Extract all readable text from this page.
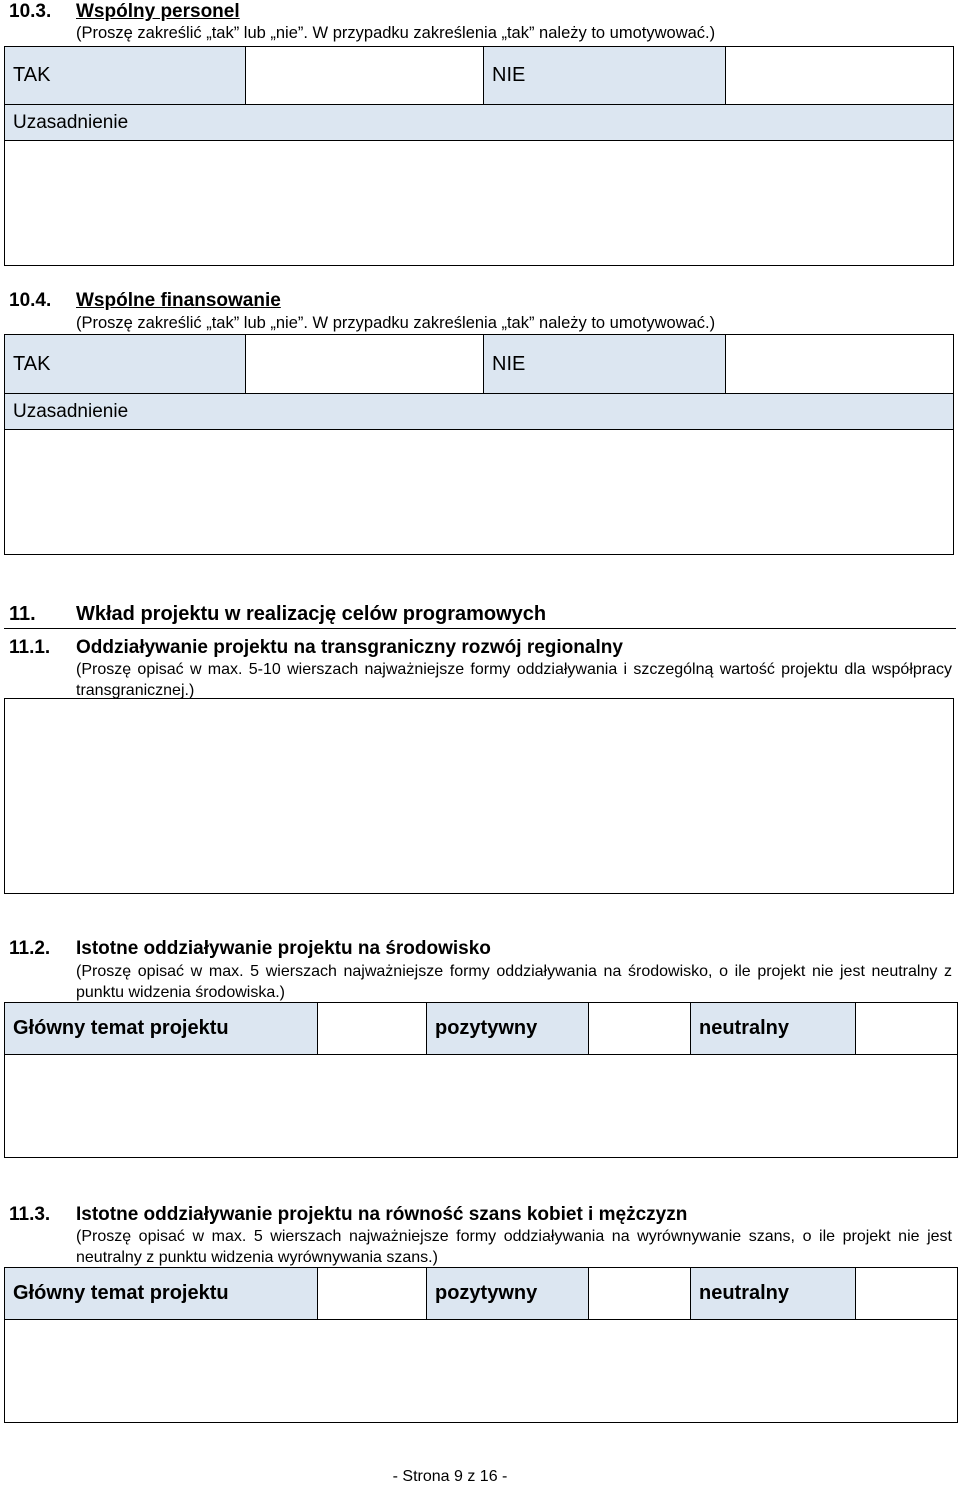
10.3. Wspólny personel
(Proszę zakreślić „tak” lub „nie”. W przypadku zakreślenia „tak” należy to umotywować.)
TAK	NIE
Uzasadnienie
10.4. Wspólne finansowanie
(Proszę zakreślić „tak” lub „nie”. W przypadku zakreślenia „tak” należy to umotywować.)
TAK	NIE
Uzasadnienie
11. Wkład projektu w realizację celów programowych
11.1. Oddziaływanie projektu na transgraniczny rozwój regionalny
(Proszę opisać w max. 5-10 wierszach najważniejsze formy oddziaływania i szczególną wartość projektu dla współpracy transgranicznej.)
11.2. Istotne oddziaływanie projektu na środowisko
(Proszę opisać w max. 5 wierszach najważniejsze formy oddziaływania na środowisko, o ile projekt nie jest neutralny z punktu widzenia środowiska.)
Główny temat projektu	pozytywny	neutralny
11.3. Istotne oddziaływanie projektu na równość szans kobiet i mężczyzn
(Proszę opisać w max. 5 wierszach najważniejsze formy oddziaływania na wyrównywanie szans, o ile projekt nie jest neutralny z punktu widzenia wyrównywania szans.)
Główny temat projektu	pozytywny	neutralny
- Strona 9 z 16 -
